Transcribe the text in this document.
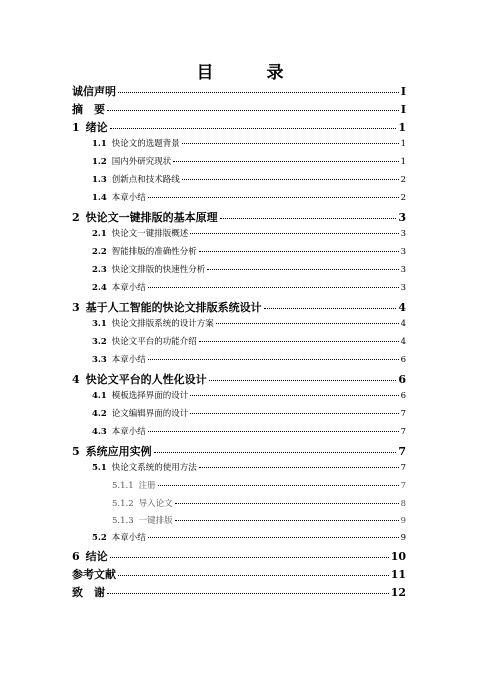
目　录
诚信声明	I
摘　要	I
1 绪论	1
1.1 快论文的选题背景	1
1.2 国内外研究现状	1
1.3 创新点和技术路线	2
1.4 本章小结	2
2 快论文一键排版的基本原理	3
2.1 快论文一键排版概述	3
2.2 智能排版的准确性分析	3
2.3 快论文排版的快速性分析	3
2.4 本章小结	3
3 基于人工智能的快论文排版系统设计	4
3.1 快论文排版系统的设计方案	4
3.2 快论文平台的功能介绍	4
3.3 本章小结	6
4 快论文平台的人性化设计	6
4.1 模板选择界面的设计	6
4.2 论文编辑界面的设计	7
4.3 本章小结	7
5 系统应用实例	7
5.1 快论文系统的使用方法	7
5.1.1 注册	7
5.1.2 导入论文	8
5.1.3 一键排版	9
5.2 本章小结	9
6 结论	10
参考文献	11
致　谢	12
